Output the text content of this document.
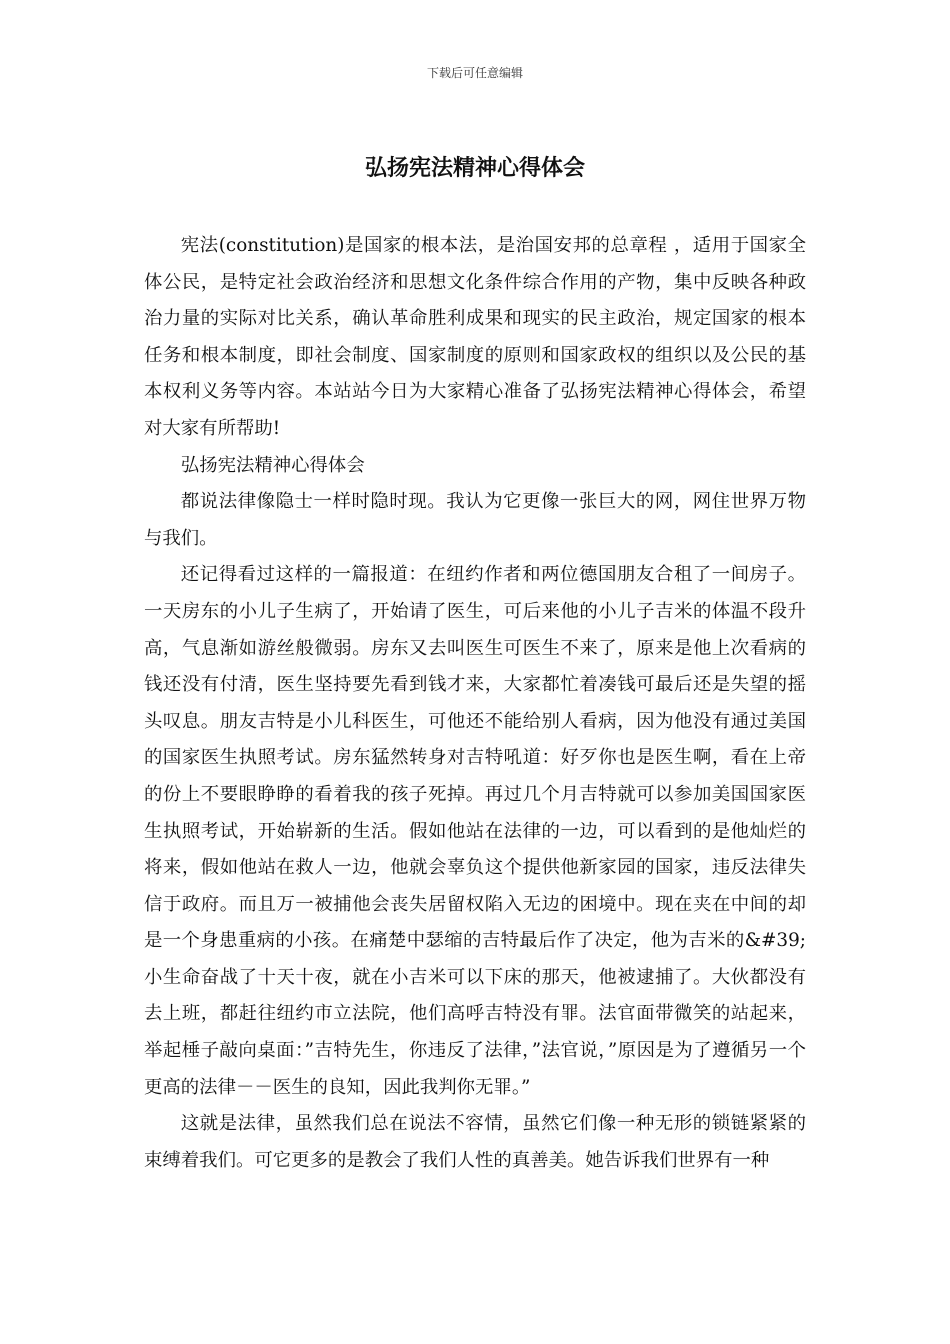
下载后可任意编辑
弘扬宪法精神心得体会

宪法(constitution)是国家的根本法，是治国安邦的总章程 ，适用于国家全体公民，是特定社会政治经济和思想文化条件综合作用的产物，集中反映各种政治力量的实际对比关系，确认革命胜利成果和现实的民主政治，规定国家的根本任务和根本制度，即社会制度、国家制度的原则和国家政权的组织以及公民的基本权利义务等内容。本站站今日为大家精心准备了弘扬宪法精神心得体会，希望对大家有所帮助!

弘扬宪法精神心得体会

都说法律像隐士一样时隐时现。我认为它更像一张巨大的网，网住世界万物与我们。

还记得看过这样的一篇报道：在纽约作者和两位德国朋友合租了一间房子。一天房东的小儿子生病了，开始请了医生，可后来他的小儿子吉米的体温不段升高，气息渐如游丝般微弱。房东又去叫医生可医生不来了，原来是他上次看病的钱还没有付清，医生坚持要先看到钱才来，大家都忙着凑钱可最后还是失望的摇头叹息。朋友吉特是小儿科医生，可他还不能给别人看病，因为他没有通过美国的国家医生执照考试。房东猛然转身对吉特吼道：好歹你也是医生啊，看在上帝的份上不要眼睁睁的看着我的孩子死掉。再过几个月吉特就可以参加美国国家医生执照考试，开始崭新的生活。假如他站在法律的一边，可以看到的是他灿烂的将来，假如他站在救人一边，他就会辜负这个提供他新家园的国家，违反法律失信于政府。而且万一被捕他会丧失居留权陷入无边的困境中。现在夹在中间的却是一个身患重病的小孩。在痛楚中瑟缩的吉特最后作了决定，他为吉米的&#39;小生命奋战了十天十夜，就在小吉米可以下床的那天，他被逮捕了。大伙都没有去上班，都赶往纽约市立法院，他们高呼吉特没有罪。法官面带微笑的站起来，举起棰子敲向桌面：”吉特先生，你违反了法律，”法官说，”原因是为了遵循另一个更高的法律－－医生的良知，因此我判你无罪。”

这就是法律，虽然我们总在说法不容情，虽然它们像一种无形的锁链紧紧的束缚着我们。可它更多的是教会了我们人性的真善美。她告诉我们世界有一种
